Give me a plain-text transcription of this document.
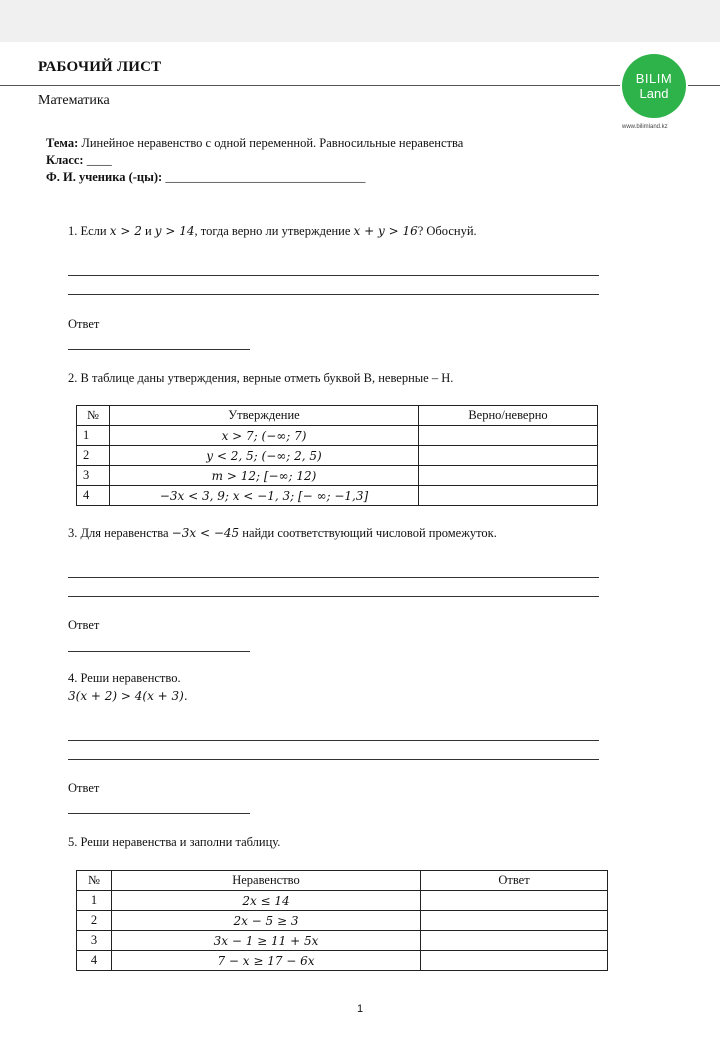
РАБОЧИЙ ЛИСТ
Математика
BILIM
Land
www.bilimland.kz
Тема: Линейное неравенство с одной переменной. Равносильные неравенства
Класс: ____
Ф. И. ученика (-цы): ________________________________
1. Если x > 2 и y > 14, тогда верно ли утверждение x + y > 16? Обоснуй.
Ответ
2. В таблице даны утверждения, верные отметь буквой В, неверные – Н.
№	Утверждение	Верно/неверно
1	x > 7; (−∞; 7)	
2	y < 2, 5; (−∞; 2, 5)	
3	m > 12; [−∞; 12)	
4	−3x < 3, 9; x < −1, 3; [− ∞; −1,3]	
3. Для неравенства −3x < −45 найди соответствующий числовой промежуток.
Ответ
4. Реши неравенство.
3(x + 2) > 4(x + 3).
Ответ
5. Реши неравенства и заполни таблицу.
№	Неравенство	Ответ
1	2x ≤ 14	
2	2x − 5 ≥ 3	
3	3x − 1 ≥ 11 + 5x	
4	7 − x ≥ 17 − 6x	
1
